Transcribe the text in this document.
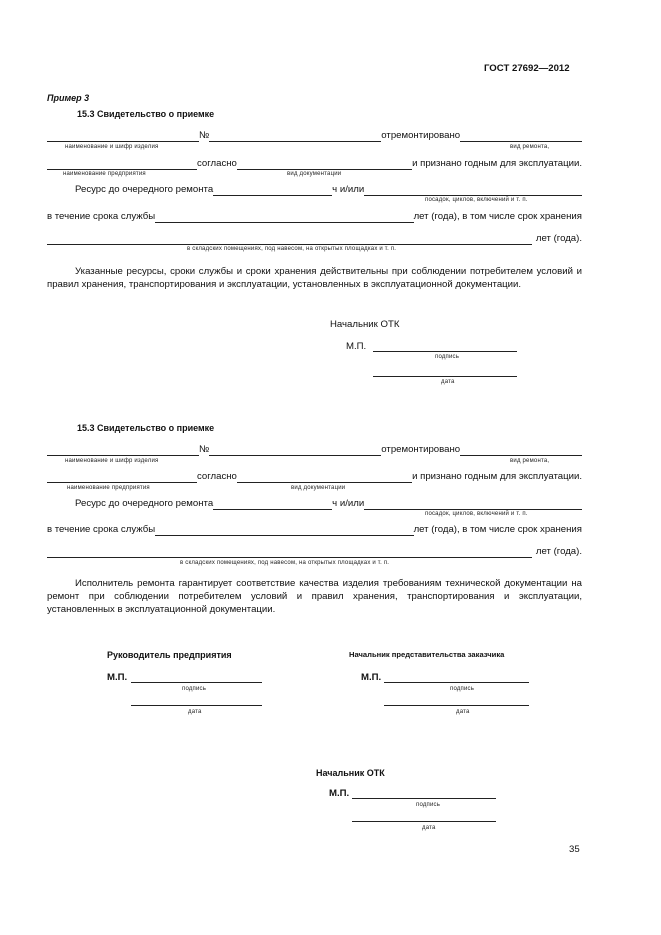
ГОСТ 27692—2012
Пример 3
15.3 Свидетельство о приемке
№	отремонтировано
наименование и шифр изделия	вид ремонта,
согласно	и признано годным для эксплуатации.
наименование предприятия	вид документации
Ресурс до очередного ремонта	ч и/или
посадок, циклов, включений и т. п.
в течение срока службы	лет (года), в том числе срок хранения
лет (года).
в складских помещениях, под навесом, на открытых площадках и т. п.
Указанные ресурсы, сроки службы и сроки хранения действительны при соблюдении потребителем условий и правил хранения, транспортирования и эксплуатации, установленных в эксплуатационной документации.
Начальник ОТК
М.П.
подпись
дата
15.3 Свидетельство о приемке
№	отремонтировано
наименование и шифр изделия	вид ремонта,
согласно	и признано годным для эксплуатации.
наименование предприятия	вид документации
Ресурс до очередного ремонта	ч и/или
посадок, циклов, включений и т. п.
в течение срока службы	лет (года), в том числе срок хранения
лет (года).
в складских помещениях, под навесом, на открытых площадках и т. п.
Исполнитель ремонта гарантирует соответствие качества изделия требованиям технической документации на ремонт при соблюдении потребителем условий и правил хранения, транспортирования и эксплуатации, установленных в эксплуатационной документации.
Руководитель предприятия
М.П.
подпись
дата
Начальник представительства заказчика
М.П.
подпись
дата
Начальник ОТК
М.П.
подпись
дата
35
